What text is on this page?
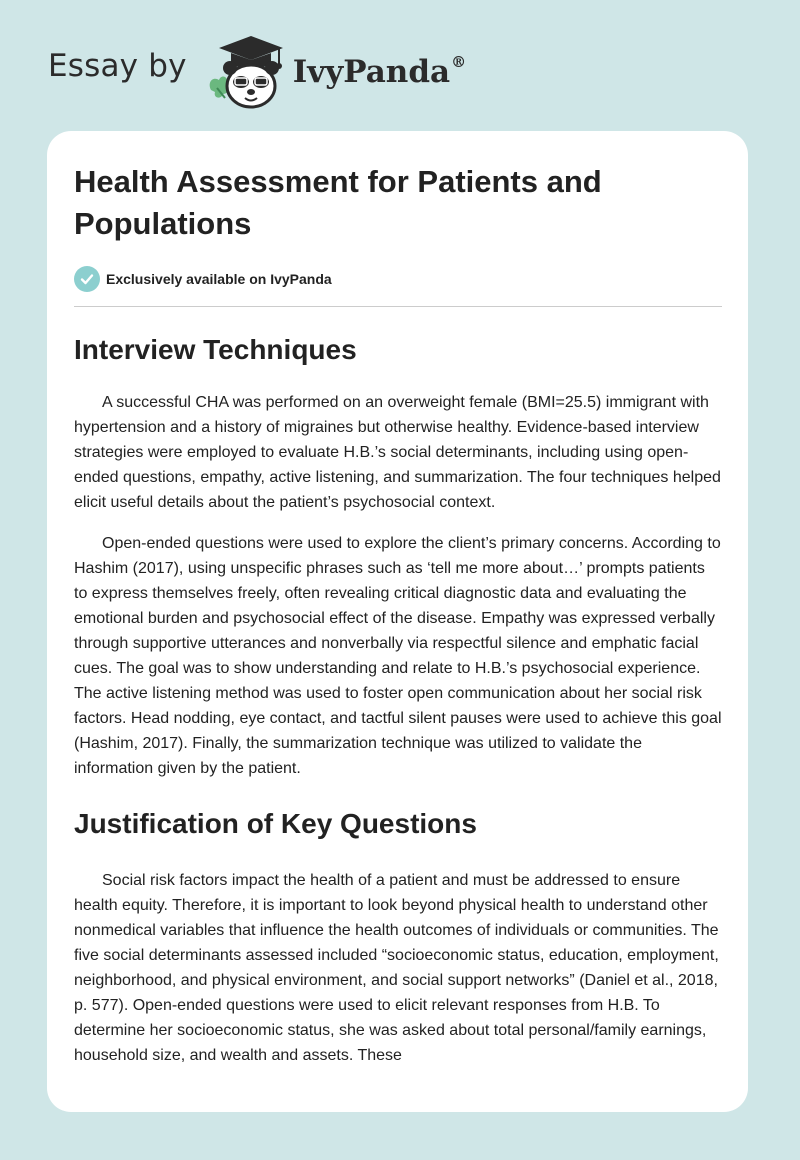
Essay by	IvyPanda®
Health Assessment for Patients and Populations
Exclusively available on IvyPanda
Interview Techniques

A successful CHA was performed on an overweight female (BMI=25.5) immigrant with hypertension and a history of migraines but otherwise healthy. Evidence-based interview strategies were employed to evaluate H.B.’s social determinants, including using open-ended questions, empathy, active listening, and summarization. The four techniques helped elicit useful details about the patient’s psychosocial context.

Open-ended questions were used to explore the client’s primary concerns. According to Hashim (2017), using unspecific phrases such as ‘tell me more about…’ prompts patients to express themselves freely, often revealing critical diagnostic data and evaluating the emotional burden and psychosocial effect of the disease. Empathy was expressed verbally through supportive utterances and nonverbally via respectful silence and emphatic facial cues. The goal was to show understanding and relate to H.B.’s psychosocial experience. The active listening method was used to foster open communication about her social risk factors. Head nodding, eye contact, and tactful silent pauses were used to achieve this goal (Hashim, 2017). Finally, the summarization technique was utilized to validate the information given by the patient.

Justification of Key Questions

Social risk factors impact the health of a patient and must be addressed to ensure health equity. Therefore, it is important to look beyond physical health to understand other nonmedical variables that influence the health outcomes of individuals or communities. The five social determinants assessed included “socioeconomic status, education, employment, neighborhood, and physical environment, and social support networks” (Daniel et al., 2018, p. 577). Open-ended questions were used to elicit relevant responses from H.B. To determine her socioeconomic status, she was asked about total personal/family earnings, household size, and wealth and assets. These
